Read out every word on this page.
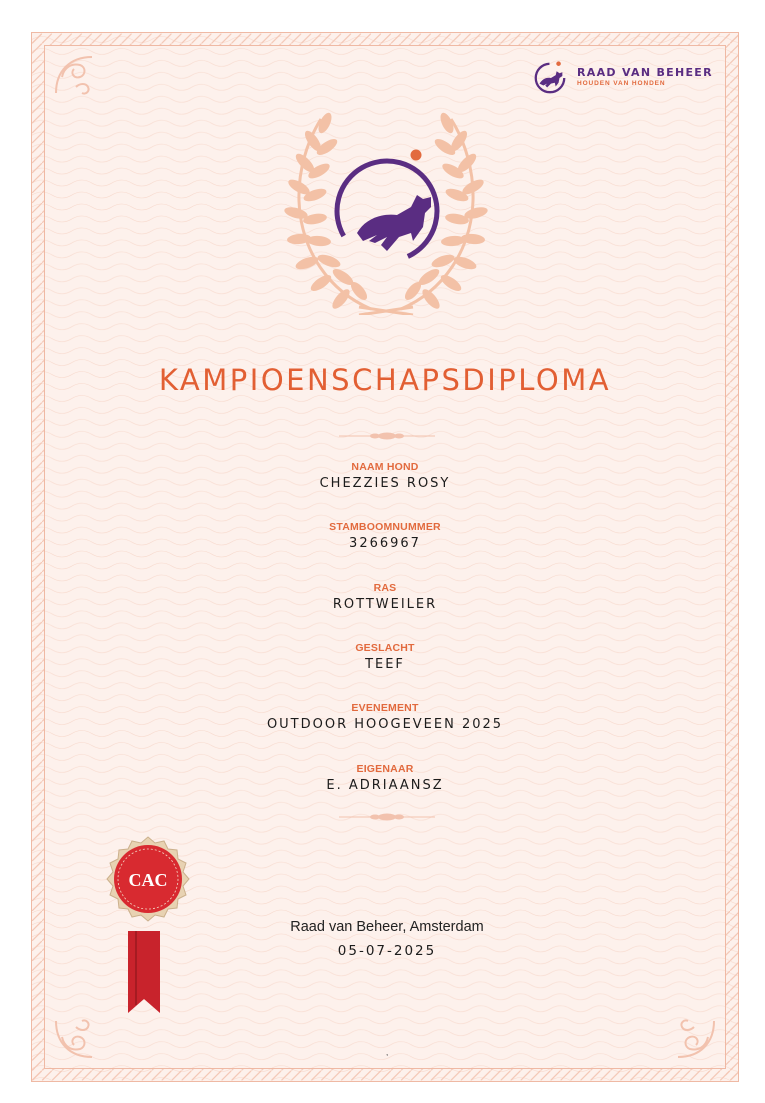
RAAD VAN BEHEER
HOUDEN VAN HONDEN
KAMPIOENSCHAPSDIPLOMA
NAAM HOND
CHEZZIES ROSY
STAMBOOMNUMMER
3266967
RAS
ROTTWEILER
GESLACHT
TEEF
EVENEMENT
OUTDOOR HOOGEVEEN 2025
EIGENAAR
E. ADRIAANSZ
CAC
Raad van Beheer, Amsterdam
05-07-2025
,
